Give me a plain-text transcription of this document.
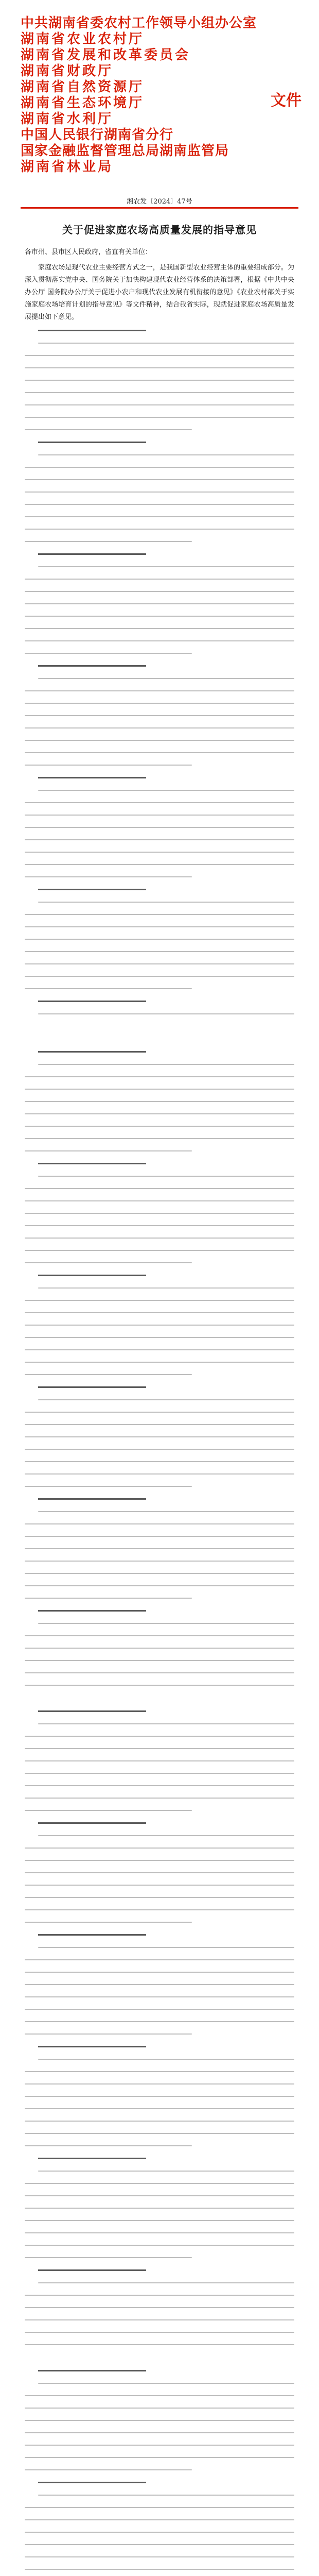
中共湖南省委农村工作领导小组办公室
湖南省农业农村厅
湖南省发展和改革委员会
湖南省财政厅
湖南省自然资源厅
湖南省生态环境厅
湖南省水利厅
中国人民银行湖南省分行
国家金融监督管理总局湖南监管局
湖南省林业局
文件
湘农发〔2024〕47号
关于促进家庭农场高质量发展的指导意见

各市州、县市区人民政府，省直有关单位：

家庭农场是现代农业主要经营方式之一，是我国新型农业经营主体的重要组成部分。为深入贯彻落实党中央、国务院关于加快构建现代农业经营体系的决策部署，根据《中共中央办公厅 国务院办公厅关于促进小农户和现代农业发展有机衔接的意见》《农业农村部关于实施家庭农场培育计划的指导意见》等文件精神，结合我省实际，现就促进家庭农场高质量发展提出如下意见。
